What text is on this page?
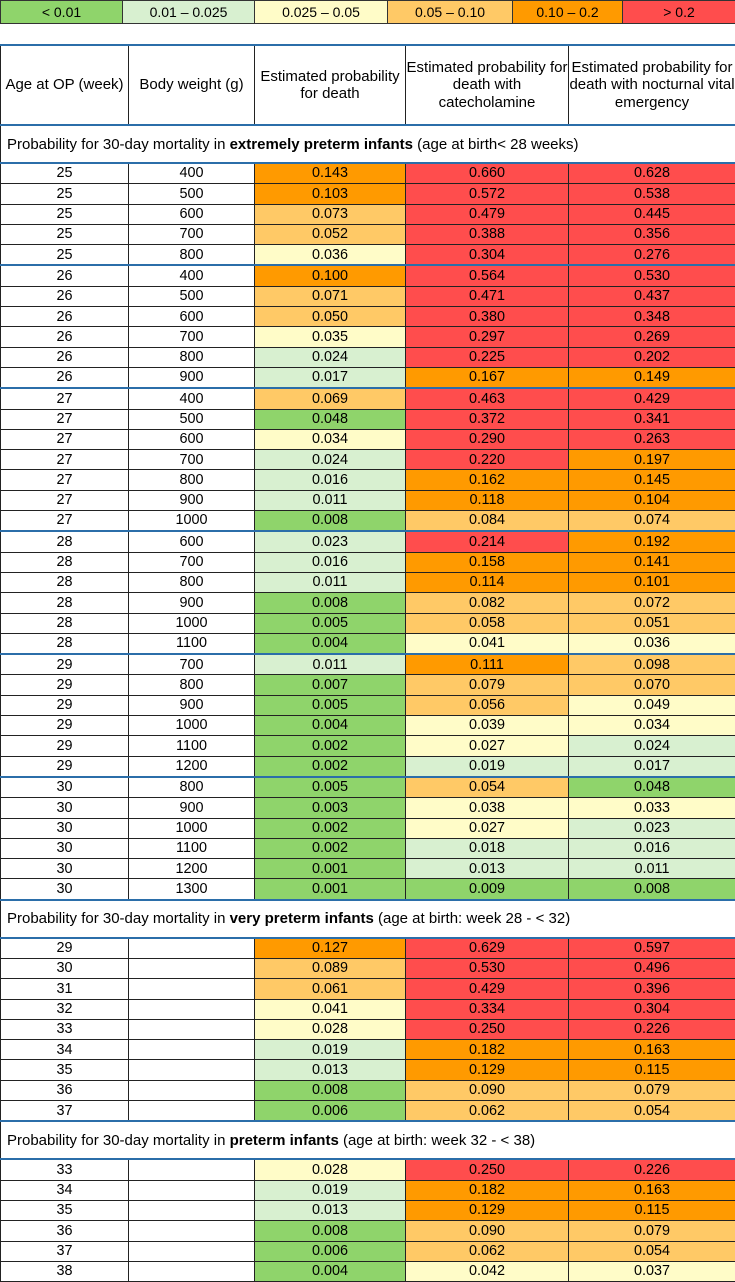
< 0.01	0.01 – 0.025	0.025 – 0.05	0.05 – 0.10	0.10 – 0.2	> 0.2
Age at OP (week)	Body weight (g)	Estimated probability for death	Estimated probability for death with catecholamine	Estimated probability for death with nocturnal vital emergency
Probability for 30-day mortality in extremely preterm infants (age at birth< 28 weeks)				
25	400	0.143	0.660	0.628
25	500	0.103	0.572	0.538
25	600	0.073	0.479	0.445
25	700	0.052	0.388	0.356
25	800	0.036	0.304	0.276
26	400	0.100	0.564	0.530
26	500	0.071	0.471	0.437
26	600	0.050	0.380	0.348
26	700	0.035	0.297	0.269
26	800	0.024	0.225	0.202
26	900	0.017	0.167	0.149
27	400	0.069	0.463	0.429
27	500	0.048	0.372	0.341
27	600	0.034	0.290	0.263
27	700	0.024	0.220	0.197
27	800	0.016	0.162	0.145
27	900	0.011	0.118	0.104
27	1000	0.008	0.084	0.074
28	600	0.023	0.214	0.192
28	700	0.016	0.158	0.141
28	800	0.011	0.114	0.101
28	900	0.008	0.082	0.072
28	1000	0.005	0.058	0.051
28	1100	0.004	0.041	0.036
29	700	0.011	0.111	0.098
29	800	0.007	0.079	0.070
29	900	0.005	0.056	0.049
29	1000	0.004	0.039	0.034
29	1100	0.002	0.027	0.024
29	1200	0.002	0.019	0.017
30	800	0.005	0.054	0.048
30	900	0.003	0.038	0.033
30	1000	0.002	0.027	0.023
30	1100	0.002	0.018	0.016
30	1200	0.001	0.013	0.011
30	1300	0.001	0.009	0.008
Probability for 30-day mortality in very preterm infants (age at birth: week 28 - < 32)				
29		0.127	0.629	0.597
30		0.089	0.530	0.496
31		0.061	0.429	0.396
32		0.041	0.334	0.304
33		0.028	0.250	0.226
34		0.019	0.182	0.163
35		0.013	0.129	0.115
36		0.008	0.090	0.079
37		0.006	0.062	0.054
Probability for 30-day mortality in preterm infants (age at birth: week 32 - < 38)				
33		0.028	0.250	0.226
34		0.019	0.182	0.163
35		0.013	0.129	0.115
36		0.008	0.090	0.079
37		0.006	0.062	0.054
38		0.004	0.042	0.037
